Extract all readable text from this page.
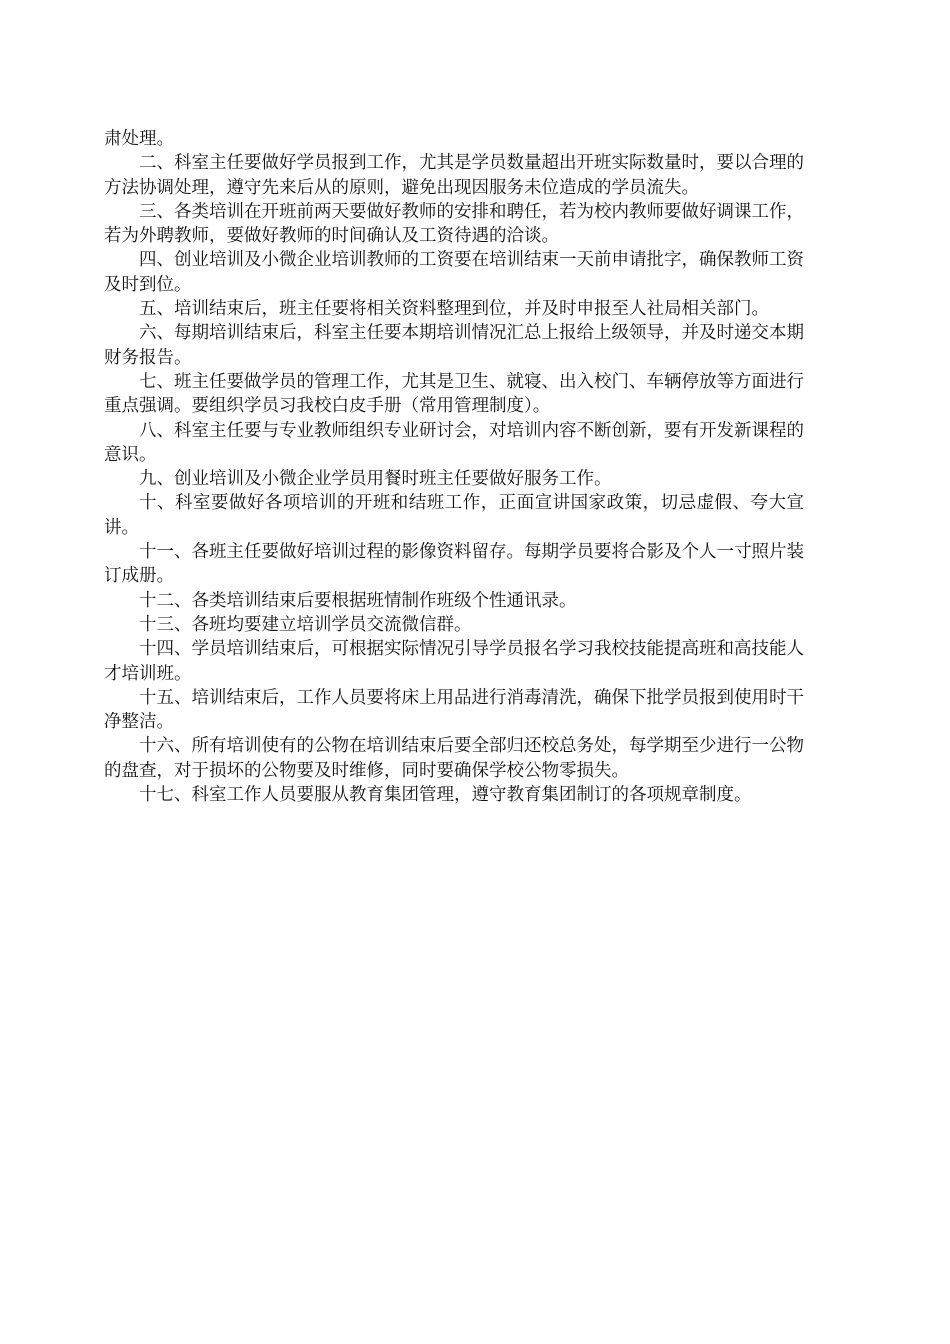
肃处理。

二、科室主任要做好学员报到工作，尤其是学员数量超出开班实际数量时，要以合理的方法协调处理，遵守先来后从的原则，避免出现因服务未位造成的学员流失。

三、各类培训在开班前两天要做好教师的安排和聘任，若为校内教师要做好调课工作，若为外聘教师，要做好教师的时间确认及工资待遇的洽谈。

四、创业培训及小微企业培训教师的工资要在培训结束一天前申请批字，确保教师工资及时到位。

五、培训结束后，班主任要将相关资料整理到位，并及时申报至人社局相关部门。

六、每期培训结束后，科室主任要本期培训情况汇总上报给上级领导，并及时递交本期财务报告。

七、班主任要做学员的管理工作，尤其是卫生、就寝、出入校门、车辆停放等方面进行重点强调。要组织学员习我校白皮手册（常用管理制度）。

八、科室主任要与专业教师组织专业研讨会，对培训内容不断创新，要有开发新课程的意识。

九、创业培训及小微企业学员用餐时班主任要做好服务工作。

十、科室要做好各项培训的开班和结班工作，正面宣讲国家政策，切忌虚假、夸大宣讲。

十一、各班主任要做好培训过程的影像资料留存。每期学员要将合影及个人一寸照片装订成册。

十二、各类培训结束后要根据班情制作班级个性通讯录。

十三、各班均要建立培训学员交流微信群。

十四、学员培训结束后，可根据实际情况引导学员报名学习我校技能提高班和高技能人才培训班。

十五、培训结束后，工作人员要将床上用品进行消毒清洗，确保下批学员报到使用时干净整洁。

十六、所有培训使有的公物在培训结束后要全部归还校总务处，每学期至少进行一公物的盘查，对于损坏的公物要及时维修，同时要确保学校公物零损失。

十七、科室工作人员要服从教育集团管理，遵守教育集团制订的各项规章制度。
